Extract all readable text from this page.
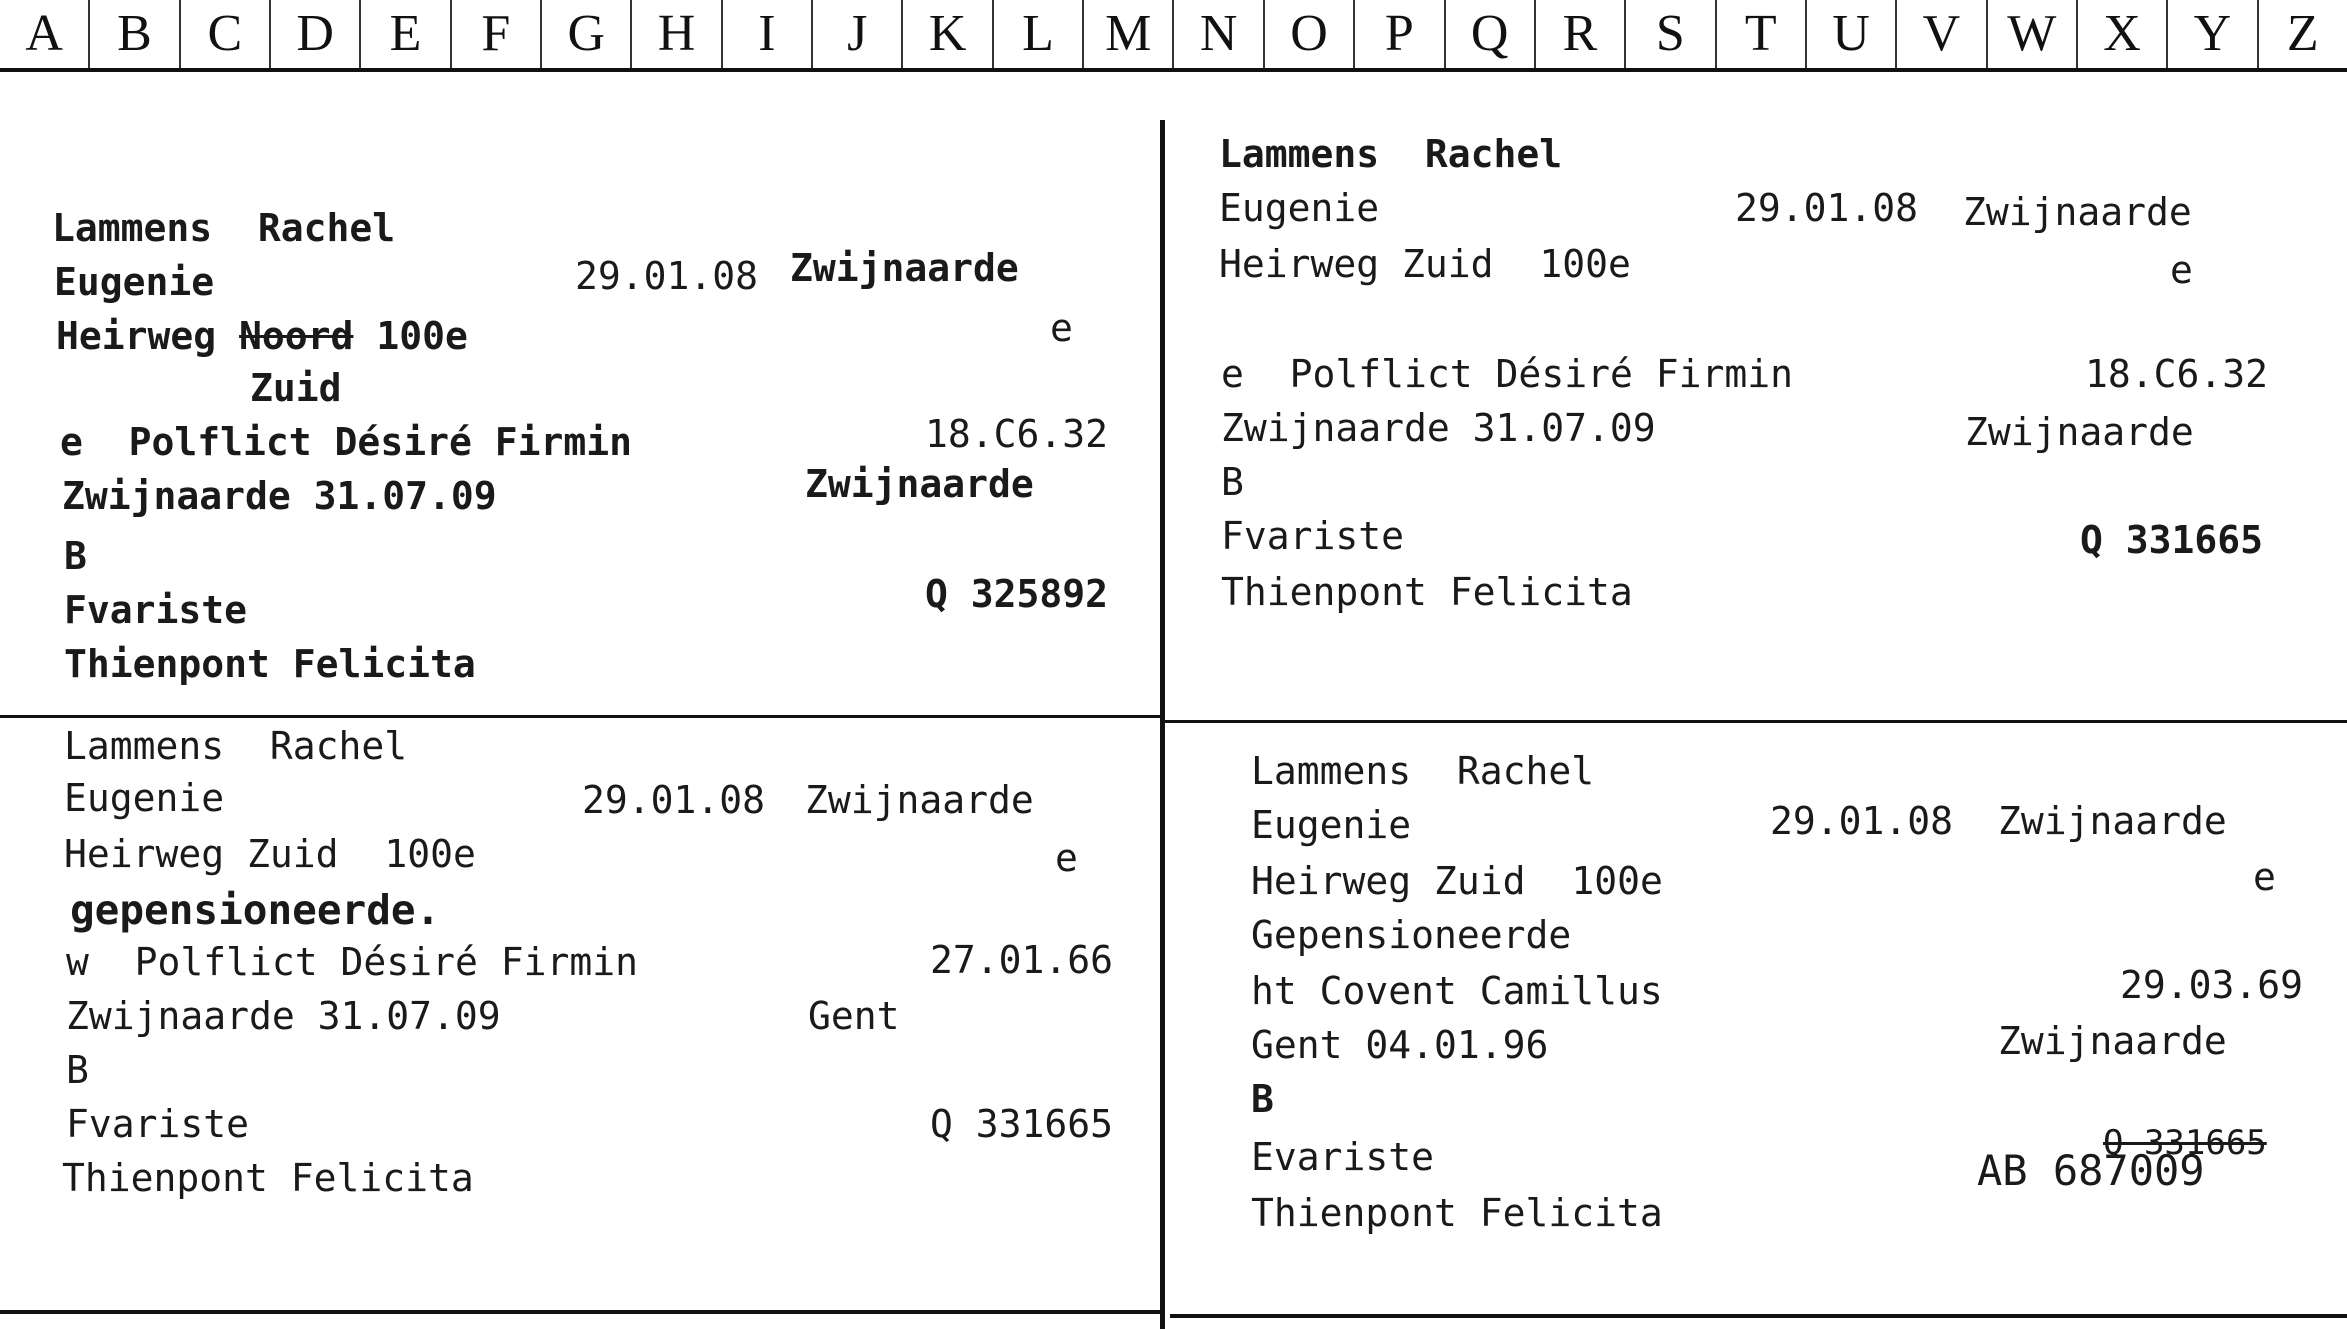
A	B	C	D	E	F	G	H	I	J	K	L M N	O	P	Q	R	S	T	U	V W X	Y	Z
Lammens Rachel
Eugenie	29.01.08 Zwijnaarde
Heirweg Noord 100e	e
Zuid
e Polflict Désiré Firmin	18.C6.32
Zwijnaarde 31.07.09	Zwijnaarde
B
Fvariste	Q 325892
Thienpont Felicita
Lammens Rachel
Eugenie	29.01.08 Zwijnaarde
Heirweg Zuid 100e	e
e Polflict Désiré Firmin	18.C6.32
Zwijnaarde 31.07.09	Zwijnaarde
B
Fvariste	Q 331665
Thienpont Felicita
Lammens Rachel
Eugenie	29.01.08 Zwijnaarde
Heirweg Zuid 100e	e
gepensioneerde.
w Polflict Désiré Firmin	27.01.66
Zwijnaarde 31.07.09	Gent
B
Fvariste	Q 331665
Thienpont Felicita
Lammens Rachel
Eugenie	29.01.08 Zwijnaarde
Heirweg Zuid 100e	e
Gepensioneerde
ht Covent Camillus	29.03.69
Gent 04.01.96	Zwijnaarde
B
Evariste	Q 331665
AB 687009
Thienpont Felicita
